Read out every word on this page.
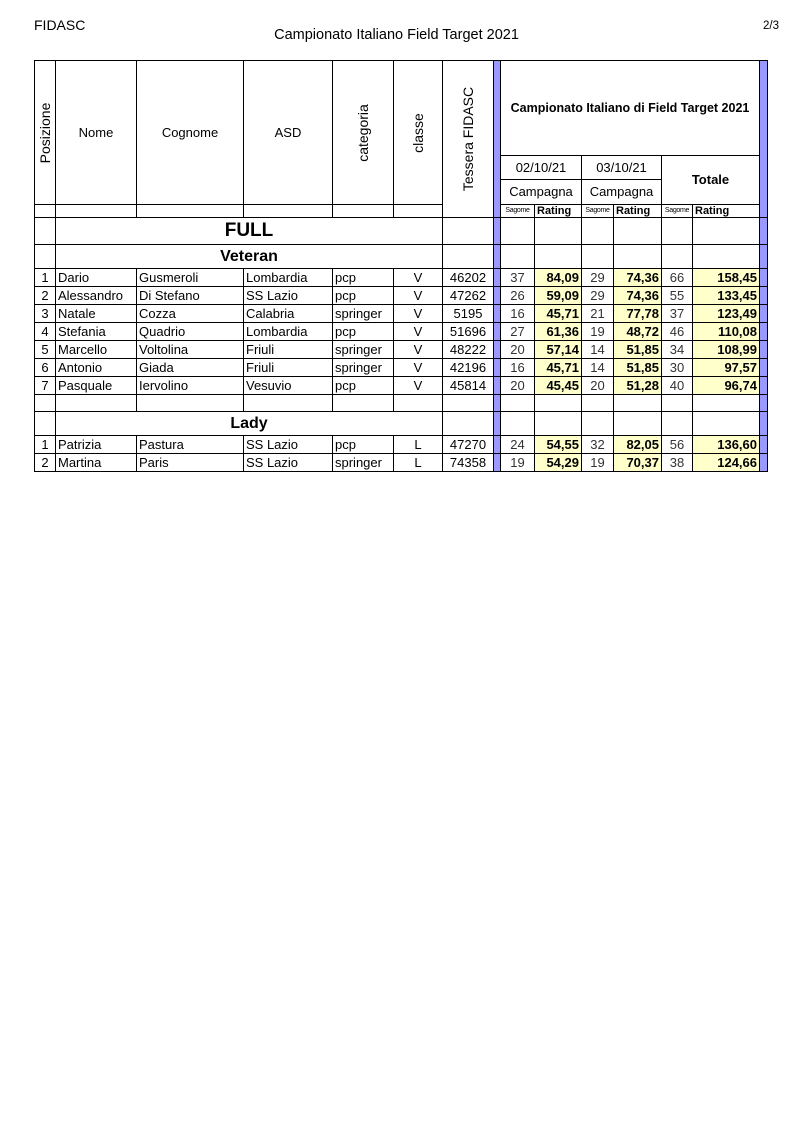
FIDASC
Campionato Italiano Field Target 2021
2/3
Posizione	Nome	Cognome	ASD	categoria	classe	Tessera FIDASC		Campionato Italiano di Field Target 2021						
								02/10/21		03/10/21		Totale		
								Campagna		Campagna				
								Sagome	Rating	Sagome	Rating	Sagome	Rating	
	FULL													
	Veteran													
1	Dario	Gusmeroli	Lombardia	pcp	V	46202		37	84,09	29	74,36	66	158,45	
2	Alessandro	Di Stefano	SS Lazio	pcp	V	47262		26	59,09	29	74,36	55	133,45	
3	Natale	Cozza	Calabria	springer	V	5195		16	45,71	21	77,78	37	123,49	
4	Stefania	Quadrio	Lombardia	pcp	V	51696		27	61,36	19	48,72	46	110,08	
5	Marcello	Voltolina	Friuli	springer	V	48222		20	57,14	14	51,85	34	108,99	
6	Antonio	Giada	Friuli	springer	V	42196		16	45,71	14	51,85	30	97,57	
7	Pasquale	Iervolino	Vesuvio	pcp	V	45814		20	45,45	20	51,28	40	96,74	

	Lady													
1	Patrizia	Pastura	SS Lazio	pcp	L	47270		24	54,55	32	82,05	56	136,60	
2	Martina	Paris	SS Lazio	springer	L	74358		19	54,29	19	70,37	38	124,66	
